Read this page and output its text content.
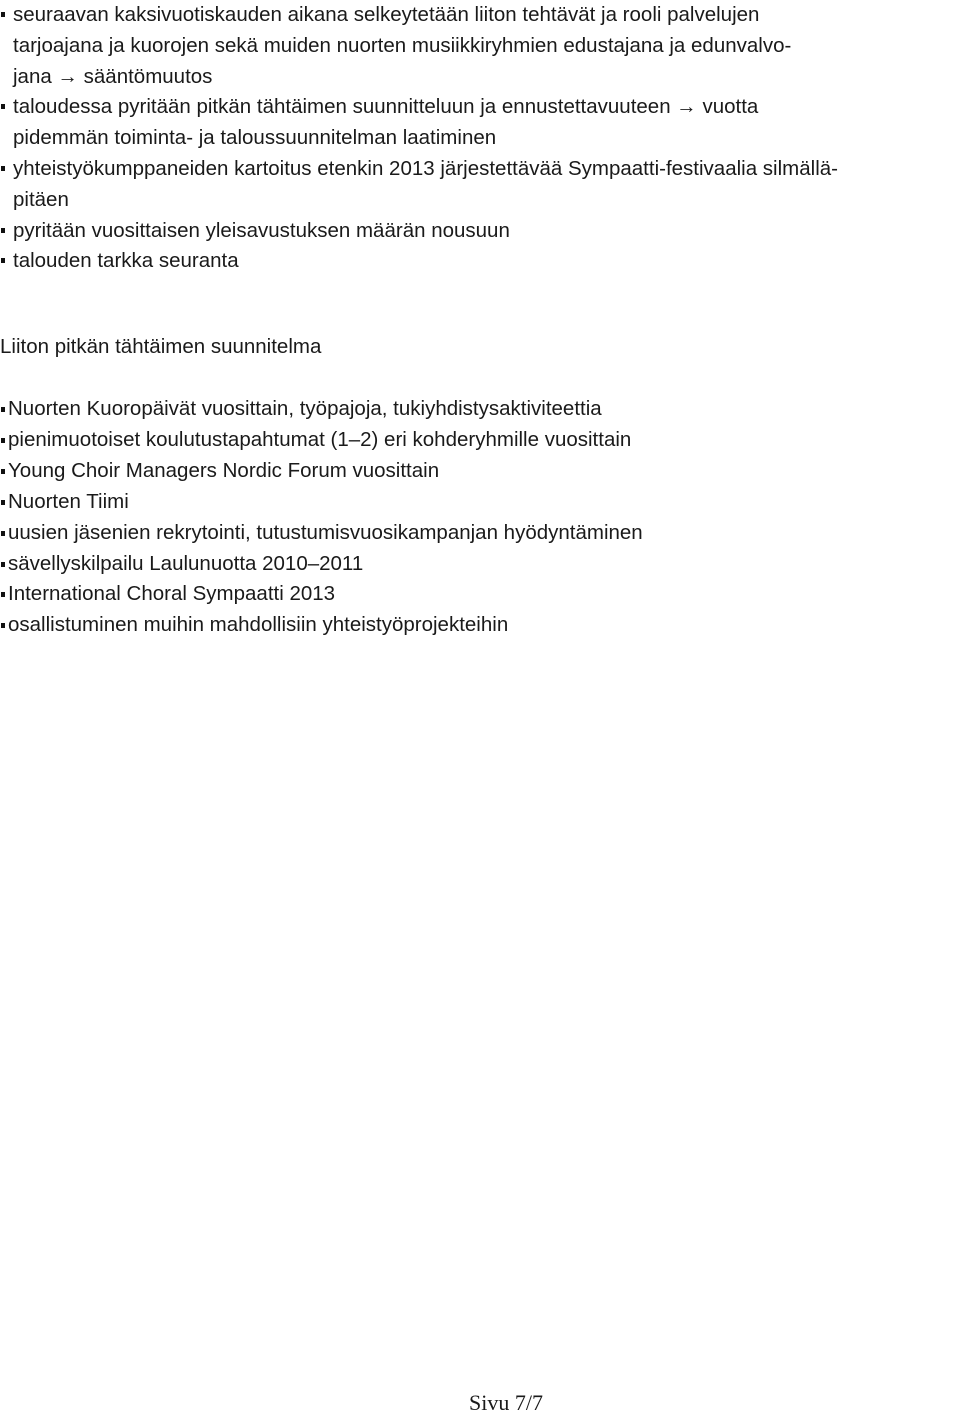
seuraavan kaksivuotiskauden aikana selkeytetään liiton tehtävät ja rooli palvelujen
tarjoajana ja kuorojen sekä muiden nuorten musiikkiryhmien edustajana ja edunvalvo-
jana → sääntömuutos
taloudessa pyritään pitkän tähtäimen suunnitteluun ja ennustettavuuteen → vuotta
pidemmän toiminta- ja taloussuunnitelman laatiminen
yhteistyökumppaneiden kartoitus etenkin 2013 järjestettävää Sympaatti-festivaalia silmällä-
pitäen
pyritään vuosittaisen yleisavustuksen määrän nousuun
talouden tarkka seuranta
Liiton pitkän tähtäimen suunnitelma
Nuorten Kuoropäivät vuosittain, työpajoja, tukiyhdistysaktiviteettia
pienimuotoiset koulutustapahtumat (1–2) eri kohderyhmille vuosittain
Young Choir Managers Nordic Forum vuosittain
Nuorten Tiimi
uusien jäsenien rekrytointi, tutustumisvuosikampanjan hyödyntäminen
sävellyskilpailu Laulunuotta 2010–2011
International Choral Sympaatti 2013
osallistuminen muihin mahdollisiin yhteistyöprojekteihin
Sivu 7/7
